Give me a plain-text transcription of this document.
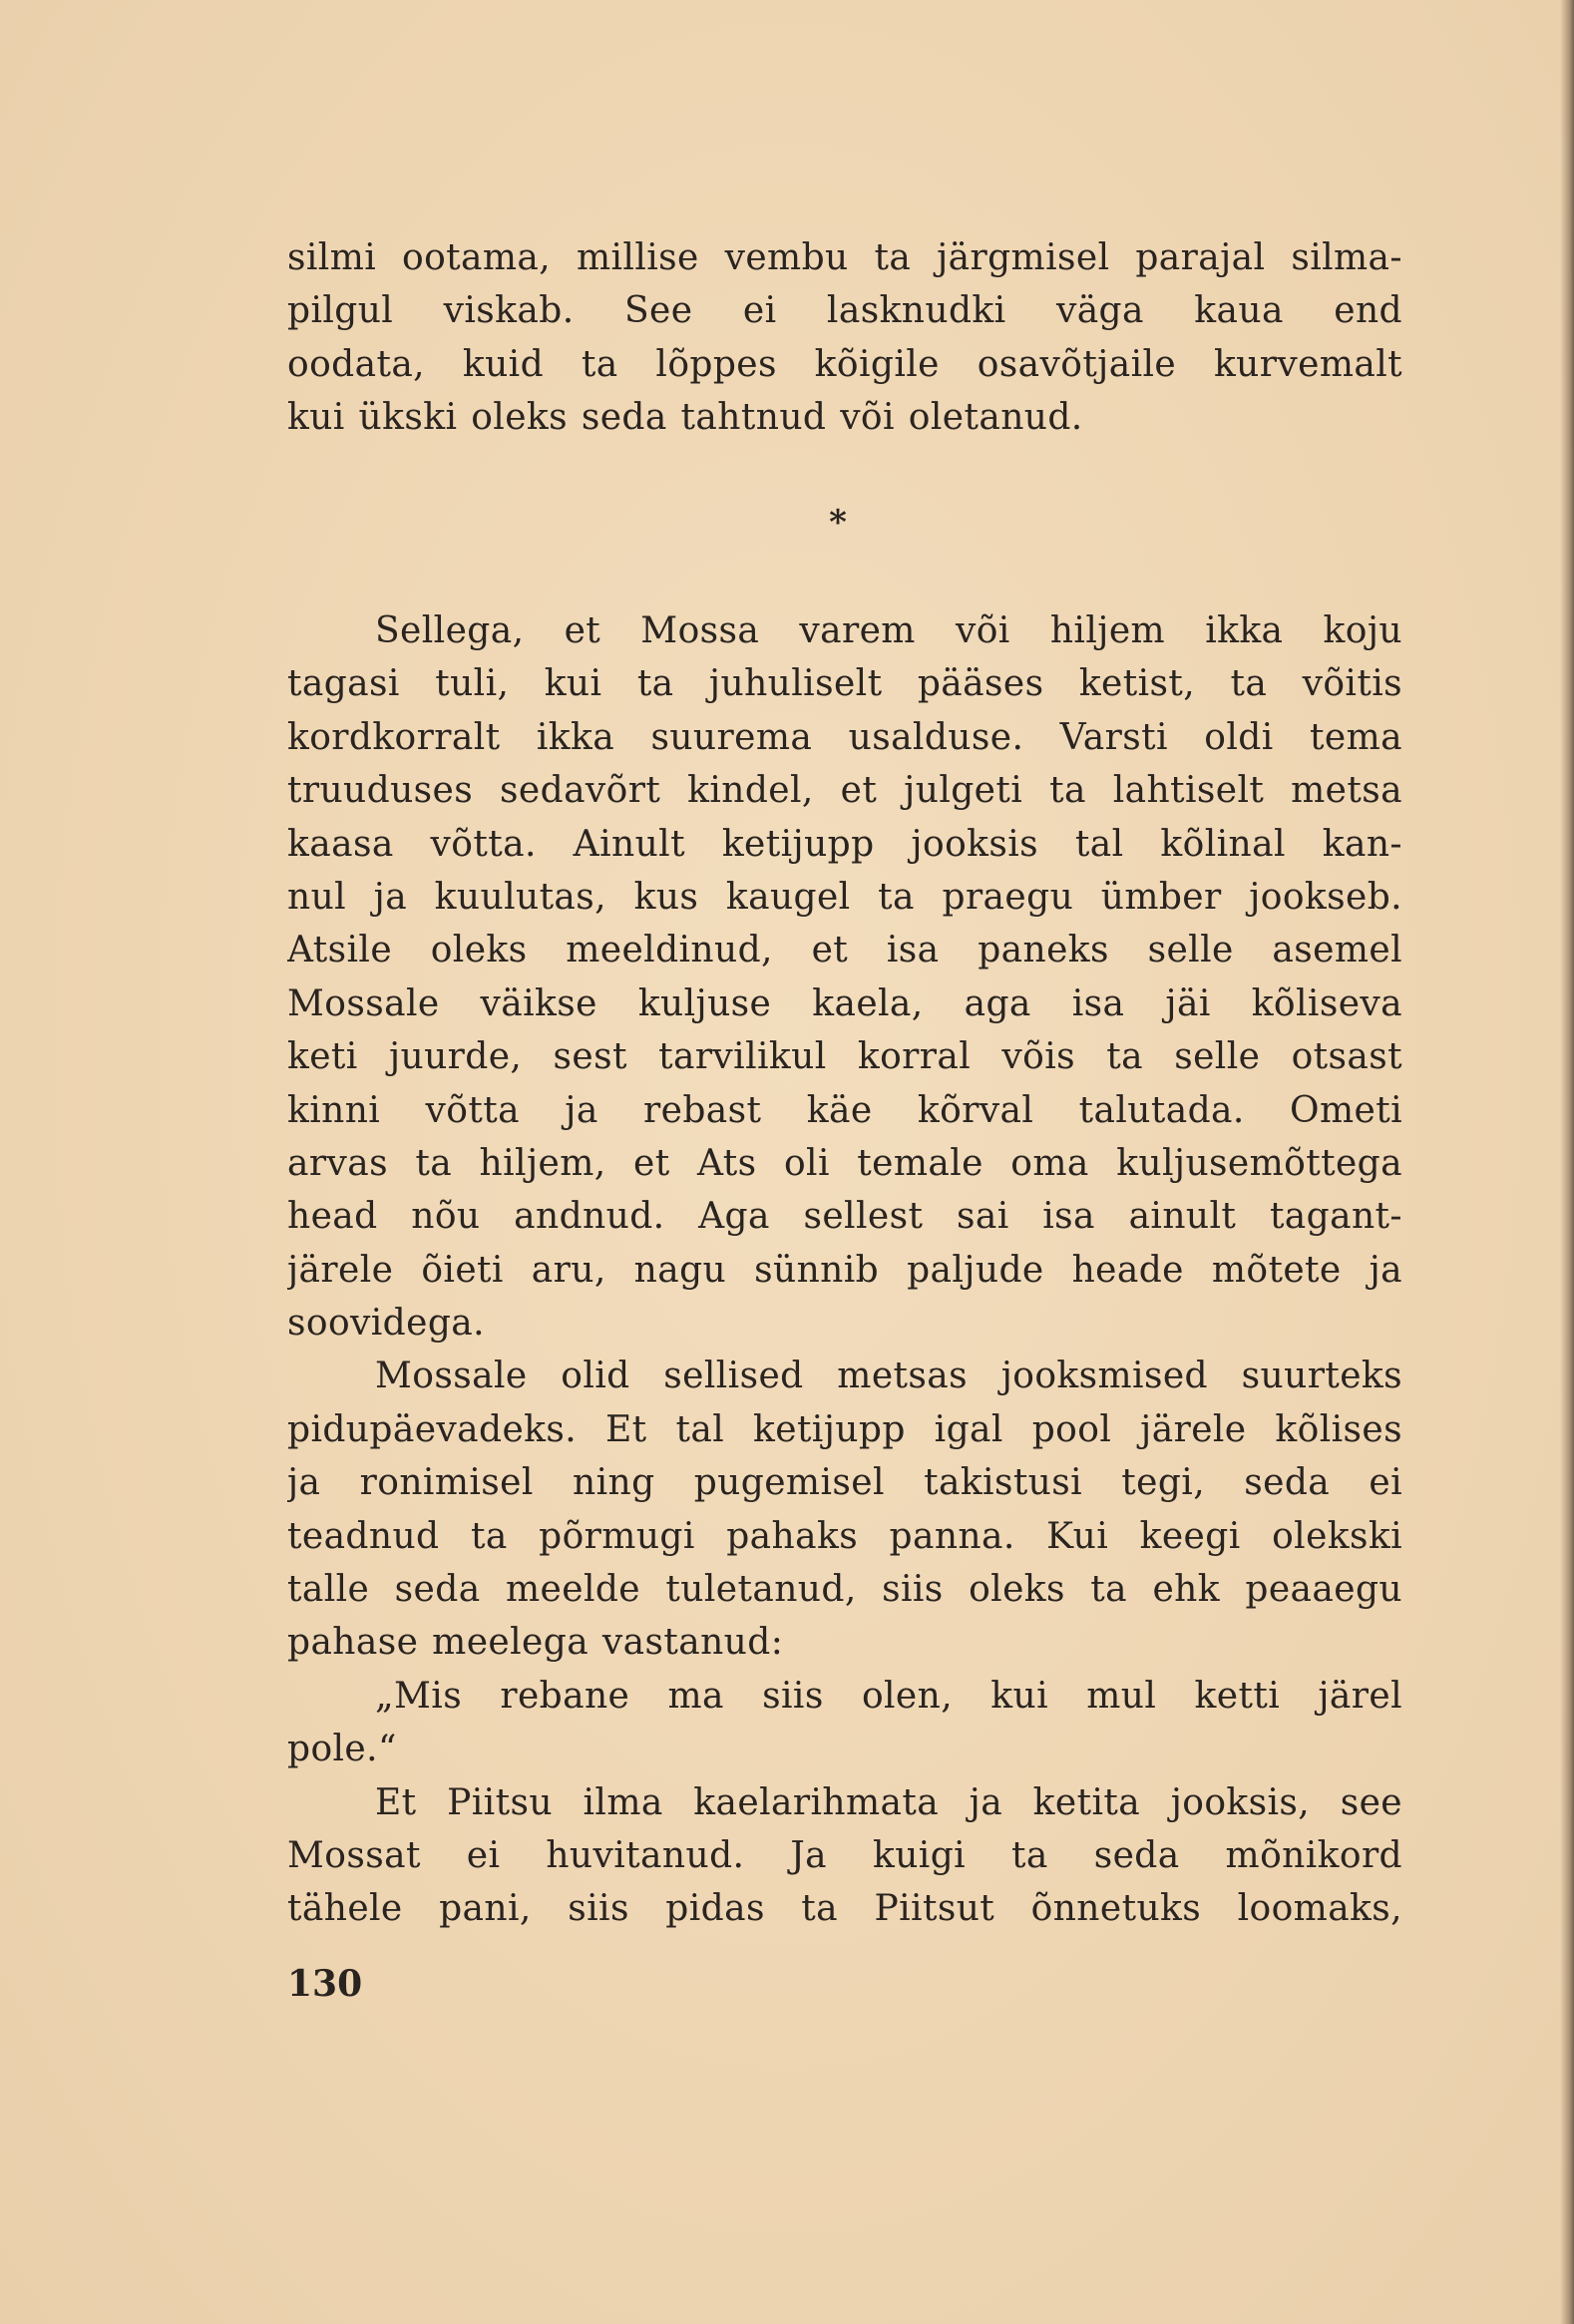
silmi ootama, millise vembu ta järgmisel parajal silma-
pilgul viskab. See ei lasknudki väga kaua end
oodata, kuid ta lõppes kõigile osavõtjaile kurvemalt
kui ükski oleks seda tahtnud või oletanud.
*
Sellega, et Mossa varem või hiljem ikka koju
tagasi tuli, kui ta juhuliselt pääses ketist, ta võitis
kordkorralt ikka suurema usalduse. Varsti oldi tema
truuduses sedavõrt kindel, et julgeti ta lahtiselt metsa
kaasa võtta. Ainult ketijupp jooksis tal kõlinal kan-
nul ja kuulutas, kus kaugel ta praegu ümber jookseb.
Atsile oleks meeldinud, et isa paneks selle asemel
Mossale väikse kuljuse kaela, aga isa jäi kõliseva
keti juurde, sest tarvilikul korral võis ta selle otsast
kinni võtta ja rebast käe kõrval talutada. Ometi
arvas ta hiljem, et Ats oli temale oma kuljusemõttega
head nõu andnud. Aga sellest sai isa ainult tagant-
järele õieti aru, nagu sünnib paljude heade mõtete ja
soovidega.
Mossale olid sellised metsas jooksmised suurteks
pidupäevadeks. Et tal ketijupp igal pool järele kõlises
ja ronimisel ning pugemisel takistusi tegi, seda ei
teadnud ta põrmugi pahaks panna. Kui keegi olekski
talle seda meelde tuletanud, siis oleks ta ehk peaaegu
pahase meelega vastanud:
„Mis rebane ma siis olen, kui mul ketti järel
pole.“
Et Piitsu ilma kaelarihmata ja ketita jooksis, see
Mossat ei huvitanud. Ja kuigi ta seda mõnikord
tähele pani, siis pidas ta Piitsut õnnetuks loomaks,
130
